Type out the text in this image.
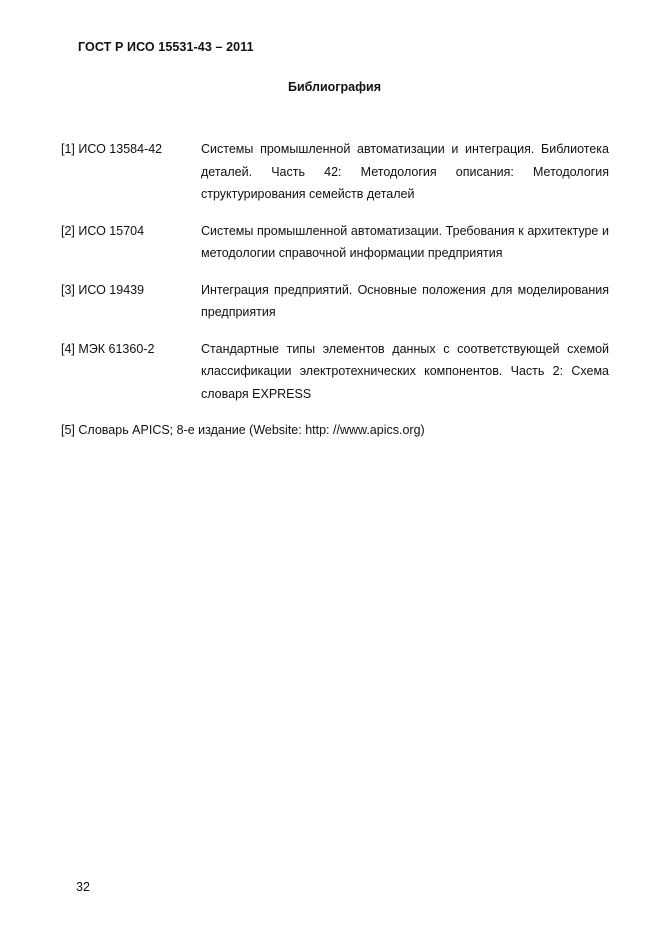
ГОСТ Р ИСО 15531-43 – 2011
Библиография
[1] ИСО 13584-42	Системы промышленной автоматизации и интеграция. Библиотека деталей. Часть 42: Методология описания: Методология структурирования семейств деталей
[2] ИСО 15704	Системы промышленной автоматизации. Требования к архитектуре и методологии справочной информации предприятия
[3] ИСО 19439	Интеграция предприятий. Основные положения для моделирования предприятия
[4] МЭК 61360-2	Стандартные типы элементов данных с соответствующей схемой классификации электротехнических компонентов. Часть 2: Схема словаря EXPRESS
[5] Словарь APICS; 8-е издание (Website: http: //www.apics.org)
32
